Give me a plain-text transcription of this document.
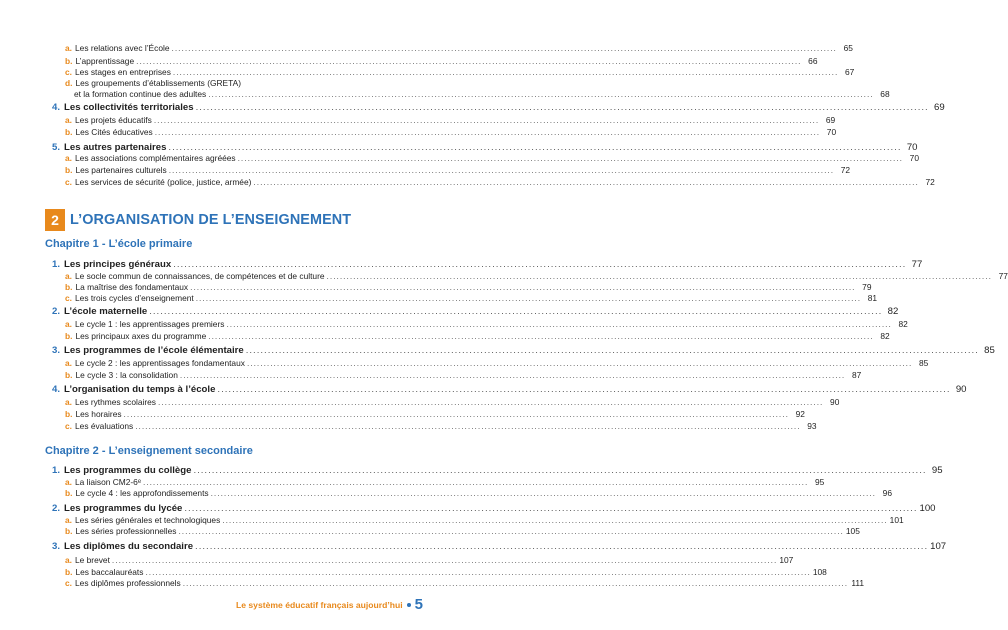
a. Les relations avec l’École ........................................................................................................................................................................................................ 65
b. L’apprentissage ........................................................................................................................................................................................................ 66
c. Les stages en entreprises ........................................................................................................................................................................................................ 67
d. Les groupements d’établissements (GRETA)
et la formation continue des adultes ........................................................................................................................................................................................................ 68
4. Les collectivités territoriales ........................................................................................................................................................................................................ 69
a. Les projets éducatifs ........................................................................................................................................................................................................ 69
b. Les Cités éducatives ........................................................................................................................................................................................................ 70
5. Les autres partenaires ........................................................................................................................................................................................................ 70
a. Les associations complémentaires agréées ........................................................................................................................................................................................................ 70
b. Les partenaires culturels ........................................................................................................................................................................................................ 72
c. Les services de sécurité (police, justice, armée) ........................................................................................................................................................................................................ 72
1. Les principes généraux ........................................................................................................................................................................................................ 77
a. Le socle commun de connaissances, de compétences et de culture ........................................................................................................................................................................................................ 77
b. La maîtrise des fondamentaux ........................................................................................................................................................................................................ 79
c. Les trois cycles d’enseignement ........................................................................................................................................................................................................ 81
2. L’école maternelle ........................................................................................................................................................................................................ 82
a. Le cycle 1 : les apprentissages premiers ........................................................................................................................................................................................................ 82
b. Les principaux axes du programme ........................................................................................................................................................................................................ 82
3. Les programmes de l’école élémentaire ........................................................................................................................................................................................................ 85
a. Le cycle 2 : les apprentissages fondamentaux ........................................................................................................................................................................................................ 85
b. Le cycle 3 : la consolidation ........................................................................................................................................................................................................ 87
4. L’organisation du temps à l’école ........................................................................................................................................................................................................ 90
a. Les rythmes scolaires ........................................................................................................................................................................................................ 90
b. Les horaires ........................................................................................................................................................................................................ 92
c. Les évaluations ........................................................................................................................................................................................................ 93
1. Les programmes du collège ........................................................................................................................................................................................................ 95
a. La liaison CM2-6ᵉ ........................................................................................................................................................................................................ 95
b. Le cycle 4 : les approfondissements ........................................................................................................................................................................................................ 96
2. Les programmes du lycée ........................................................................................................................................................................................................ 100
a. Les séries générales et technologiques ........................................................................................................................................................................................................ 101
b. Les séries professionnelles ........................................................................................................................................................................................................ 105
3. Les diplômes du secondaire ........................................................................................................................................................................................................ 107
a. Le brevet ........................................................................................................................................................................................................ 107
b. Les baccalauréats ........................................................................................................................................................................................................ 108
c. Les diplômes professionnels ........................................................................................................................................................................................................ 111
2 L’ORGANISATION DE L’ENSEIGNEMENT
Chapitre 1 - L’école primaire
Chapitre 2 - L’enseignement secondaire
Le système éducatif français aujourd’hui 5
